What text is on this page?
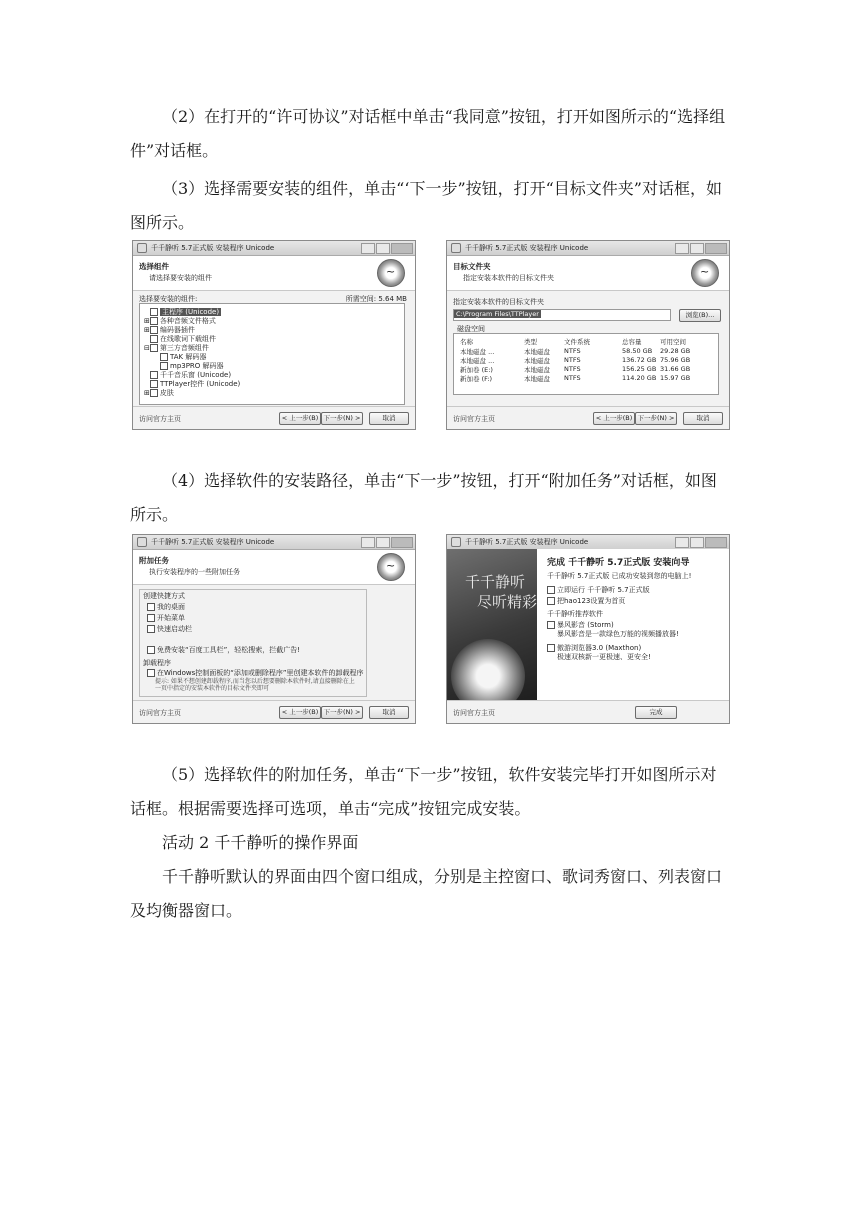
（2）在打开的“许可协议”对话框中单击“我同意”按钮，打开如图所示的“选择组件”对话框。

（3）选择需要安装的组件，单击“‘下一步”按钮，打开“目标文件夹”对话框，如图所示。

千千静听 5.7正式版 安装程序 Unicode
选择组件
请选择要安装的组件
~
选择要安装的组件:	所需空间: 5.64 MB
主程序 (Unicode)
⊞ 各种音频文件格式
⊞ 编码器插件
在线歌词下载组件
⊟ 第三方音频组件
TAK 解码器
mp3PRO 解码器
千千音乐窗 (Unicode)
TTPlayer控件 (Unicode)
⊞ 皮肤
访问官方主页	< 上一步(B) 下一步(N) >	取消
千千静听 5.7正式版 安装程序 Unicode
目标文件夹
指定安装本软件的目标文件夹
~
指定安装本软件的目标文件夹
C:\Program Files\TTPlayer	浏览(B)...
磁盘空间
名称	类型	文件系统	总容量	可用空间
本地磁盘 ...	本地磁盘 NTFS	58.50 GB 29.28 GB
本地磁盘 ...	本地磁盘 NTFS	136.72 GB 75.96 GB
新加卷 (E:)	本地磁盘 NTFS	156.25 GB 31.66 GB
新加卷 (F:)	本地磁盘 NTFS	114.20 GB 15.97 GB
访问官方主页	< 上一步(B) 下一步(N) >	取消

（4）选择软件的安装路径，单击“下一步”按钮，打开“附加任务”对话框，如图所示。

千千静听 5.7正式版 安装程序 Unicode
附加任务
执行安装程序的一些附加任务
~
创建快捷方式
我的桌面
开始菜单
快速启动栏
免费安装“百度工具栏”，轻松搜索，拦截广告!
卸载程序
在Windows控制面板的“添加或删除程序”里创建本软件的卸载程序
提示: 如果不想创建卸载程序,而当您以后想要删除本软件时,请直接删除在上一页中指定的安装本软件的目标文件夹即可
访问官方主页	< 上一步(B) 下一步(N) >	取消
千千静听 5.7正式版 安装程序 Unicode
千千静听
尽听精彩
完成 千千静听 5.7正式版 安装向导
千千静听 5.7正式版 已成功安装到您的电脑上!
立即运行 千千静听 5.7正式版
把hao123设置为首页
千千静听推荐软件
暴风影音 (Storm)
暴风影音是一款绿色万能的视频播放器!
傲游浏览器3.0 (Maxthon)
极速双核新一更极速、更安全!
访问官方主页	完成

（5）选择软件的附加任务，单击“下一步”按钮，软件安装完毕打开如图所示对话框。根据需要选择可选项，单击“完成”按钮完成安装。

活动 2 千千静听的操作界面

千千静听默认的界面由四个窗口组成，分别是主控窗口、歌词秀窗口、列表窗口及均衡器窗口。
